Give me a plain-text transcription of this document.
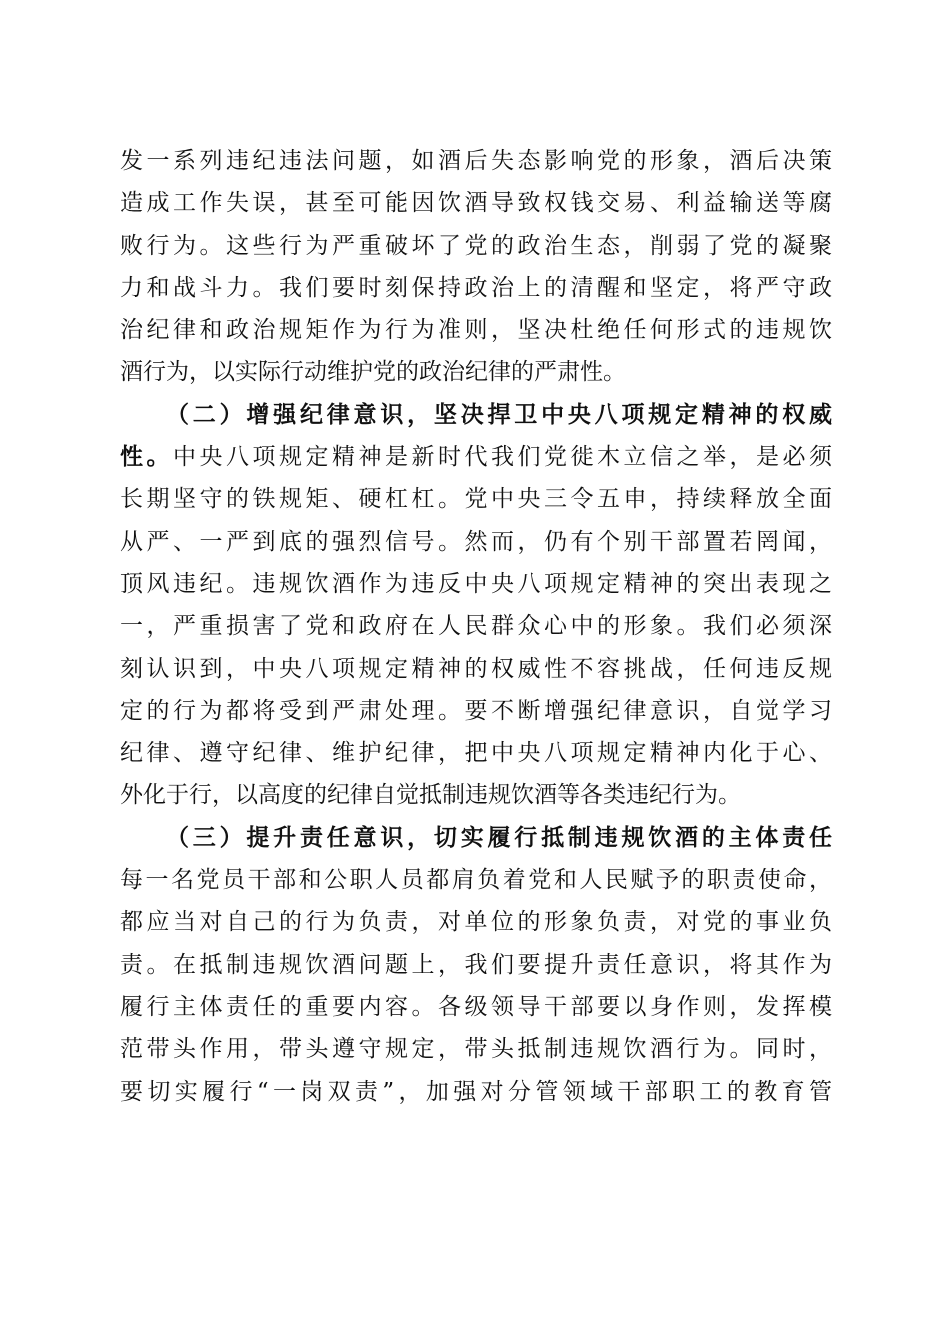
发一系列违纪违法问题，如酒后失态影响党的形象，酒后决策
造成工作失误，甚至可能因饮酒导致权钱交易、利益输送等腐
败行为。这些行为严重破坏了党的政治生态，削弱了党的凝聚
力和战斗力。我们要时刻保持政治上的清醒和坚定，将严守政
治纪律和政治规矩作为行为准则，坚决杜绝任何形式的违规饮
酒行为，以实际行动维护党的政治纪律的严肃性。
（二）增强纪律意识，坚决捍卫中央八项规定精神的权威
性。中央八项规定精神是新时代我们党徙木立信之举，是必须
长期坚守的铁规矩、硬杠杠。党中央三令五申，持续释放全面
从严、一严到底的强烈信号。然而，仍有个别干部置若罔闻，
顶风违纪。违规饮酒作为违反中央八项规定精神的突出表现之
一，严重损害了党和政府在人民群众心中的形象。我们必须深
刻认识到，中央八项规定精神的权威性不容挑战，任何违反规
定的行为都将受到严肃处理。要不断增强纪律意识，自觉学习
纪律、遵守纪律、维护纪律，把中央八项规定精神内化于心、
外化于行，以高度的纪律自觉抵制违规饮酒等各类违纪行为。
（三）提升责任意识，切实履行抵制违规饮酒的主体责任
每一名党员干部和公职人员都肩负着党和人民赋予的职责使命，
都应当对自己的行为负责，对单位的形象负责，对党的事业负
责。在抵制违规饮酒问题上，我们要提升责任意识，将其作为
履行主体责任的重要内容。各级领导干部要以身作则，发挥模
范带头作用，带头遵守规定，带头抵制违规饮酒行为。同时，
要切实履行“一岗双责”，加强对分管领域干部职工的教育管
